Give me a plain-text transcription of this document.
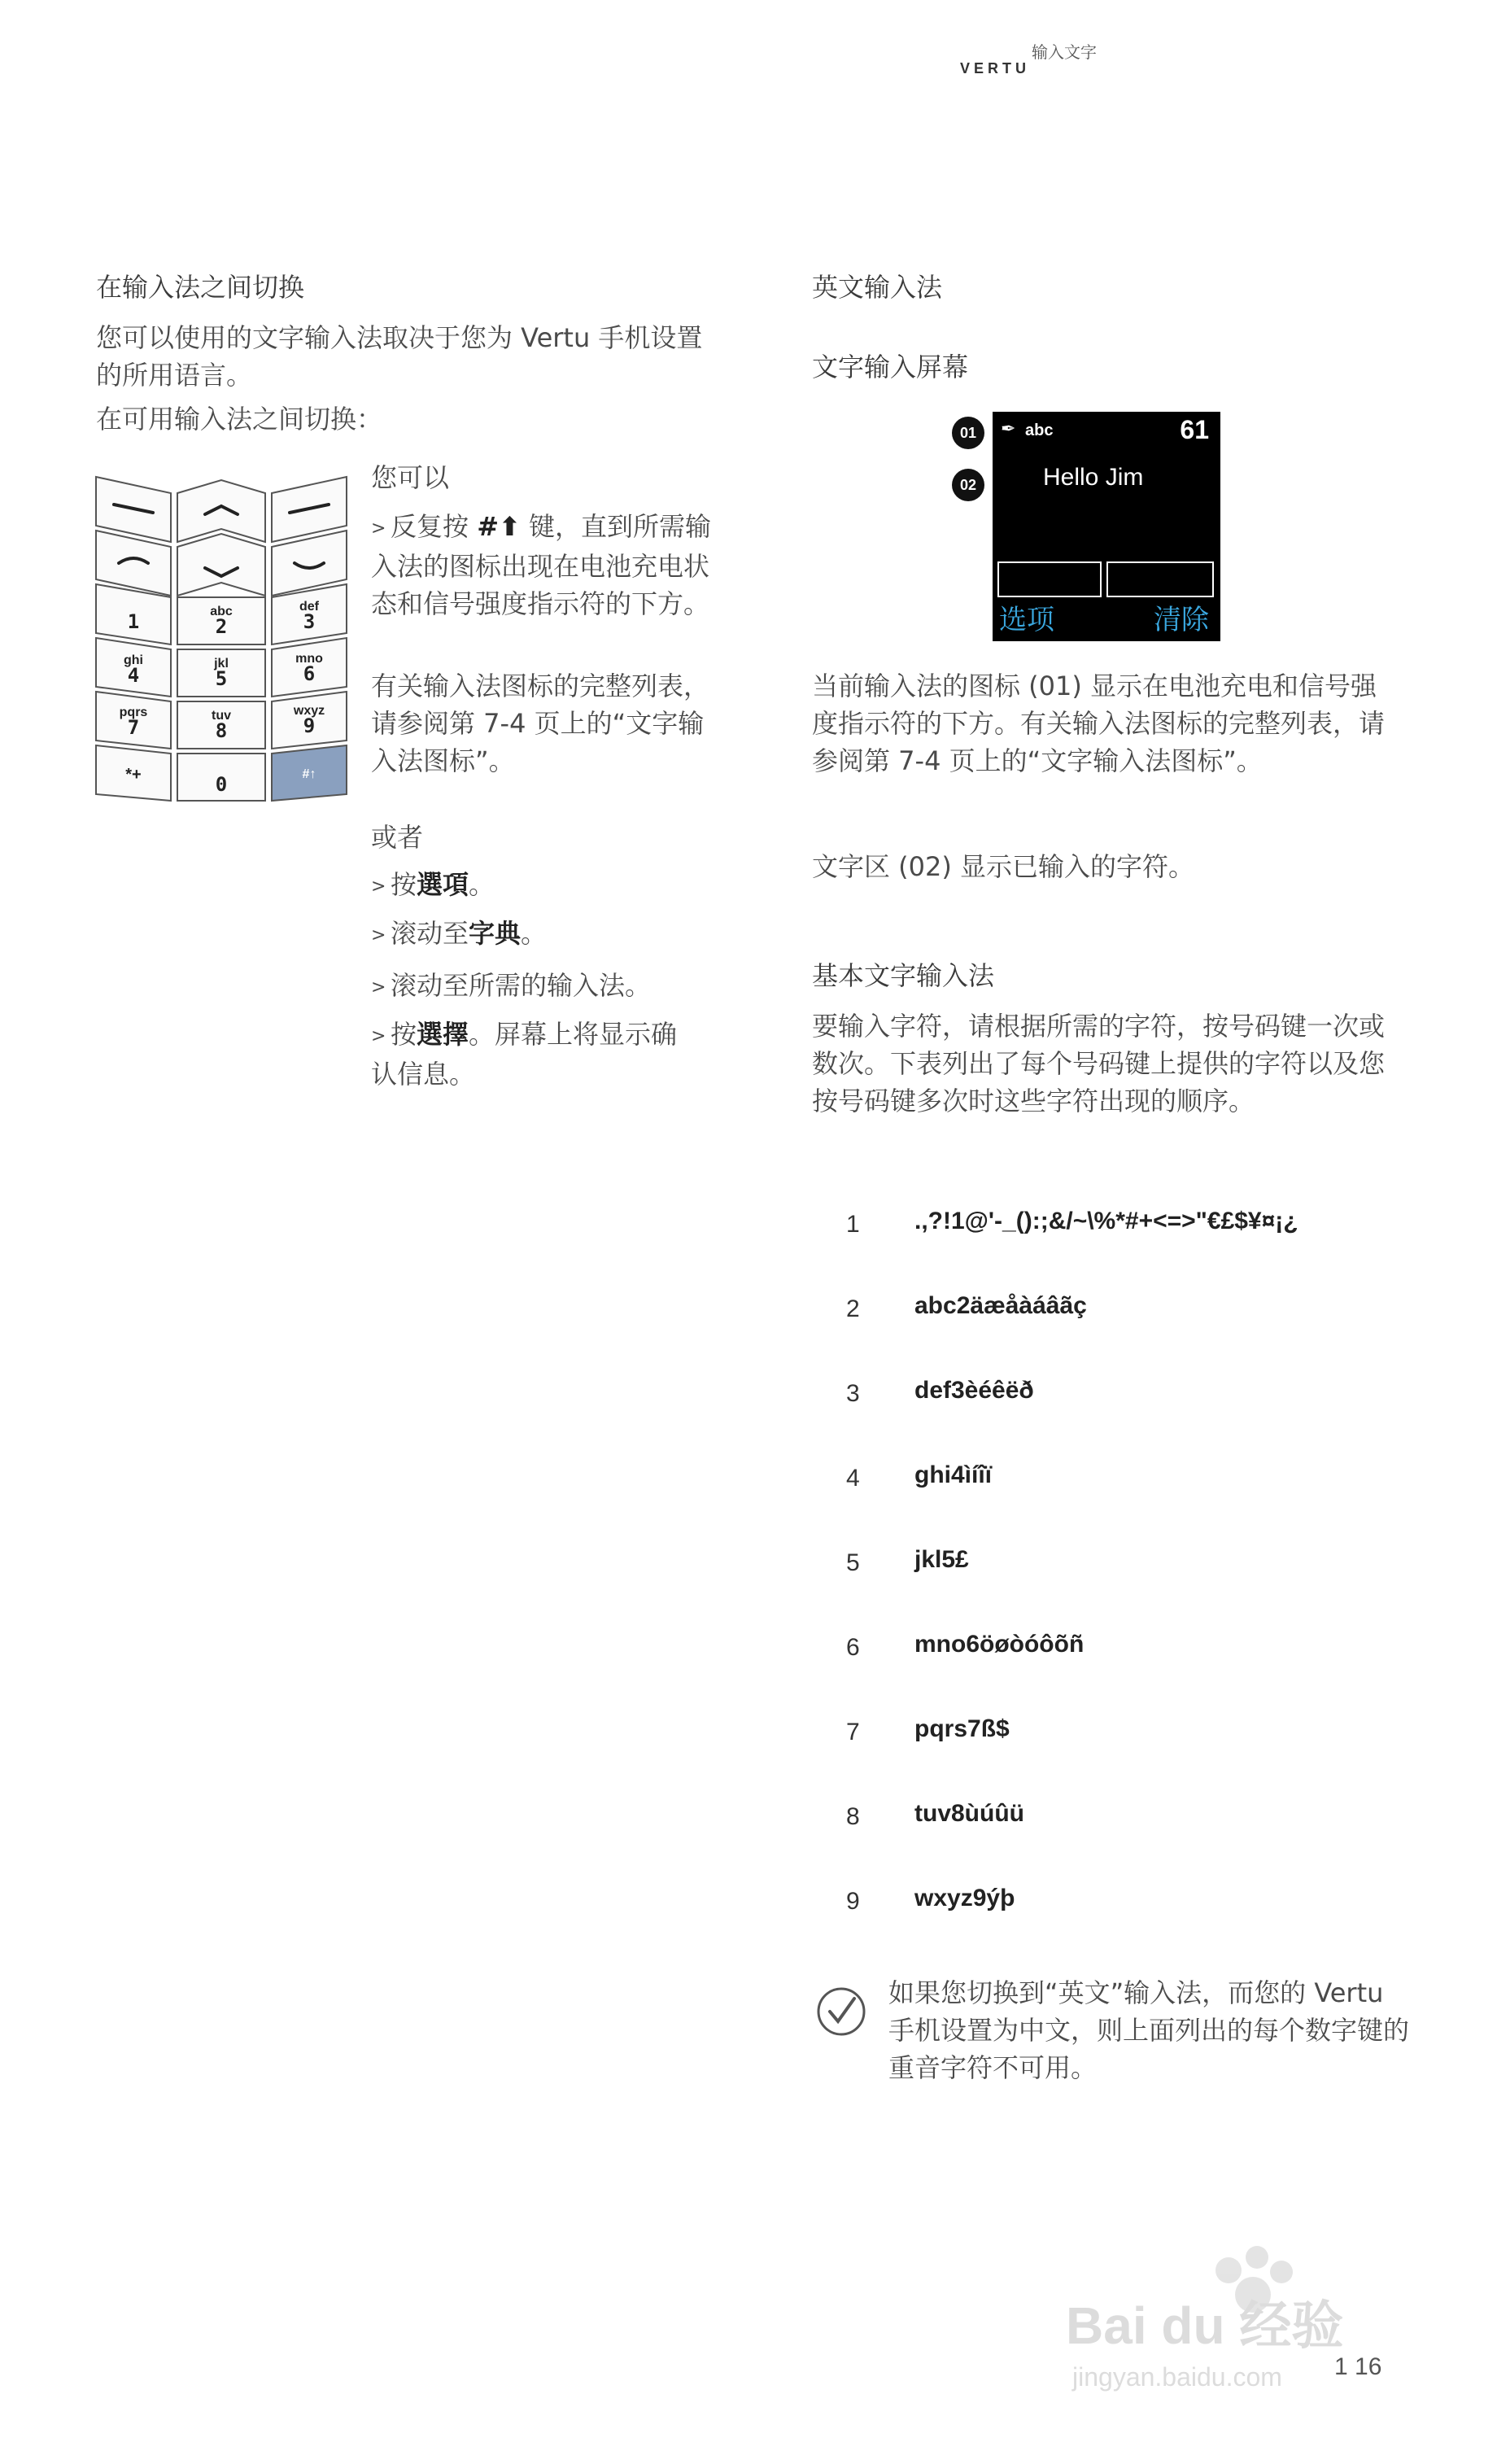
输入文字
VERTU
在输入法之间切换
您可以使用的文字输入法取决于您为 Vertu 手机设置的所用语言。
在可用输入法之间切换：
abc	def
ghi	jkl	mno
pqrs	tuv	wxyz
*+	#↑
1	2	3
4	5	6
7	8	9
0
您可以
> 反复按 #⬆ 键，直到所需输入法的图标出现在电池充电状态和信号强度指示符的下方。
有关输入法图标的完整列表，请参阅第 7-4 页上的“文字输入法图标”。
或者
> 按選項。
> 滚动至字典。
> 滚动至所需的输入法。
> 按選擇。屏幕上将显示确认信息。
英文输入法
文字输入屏幕
01
02
✒ abc	61
Hello Jim
选项	清除
当前输入法的图标 (01) 显示在电池充电和信号强度指示符的下方。有关输入法图标的完整列表，请参阅第 7-4 页上的“文字输入法图标”。
文字区 (02) 显示已输入的字符。
基本文字输入法
要输入字符，请根据所需的字符，按号码键一次或数次。下表列出了每个号码键上提供的字符以及您按号码键多次时这些字符出现的顺序。
1 .,?!1@'-_():;&/~\%*#+<=>"€£$¥¤¡¿
2 abc2äæåàáâãç
3 def3èéêëð
4 ghi4ìíîï
5 jkl5£
6 mno6öøòóôõñ
7 pqrs7ß$
8 tuv8ùúûü
9 wxyz9ýþ
如果您切换到“英文”输入法，而您的 Vertu 手机设置为中文，则上面列出的每个数字键的重音字符不可用。
Bai du 经验
jingyan.baidu.com 1 16
